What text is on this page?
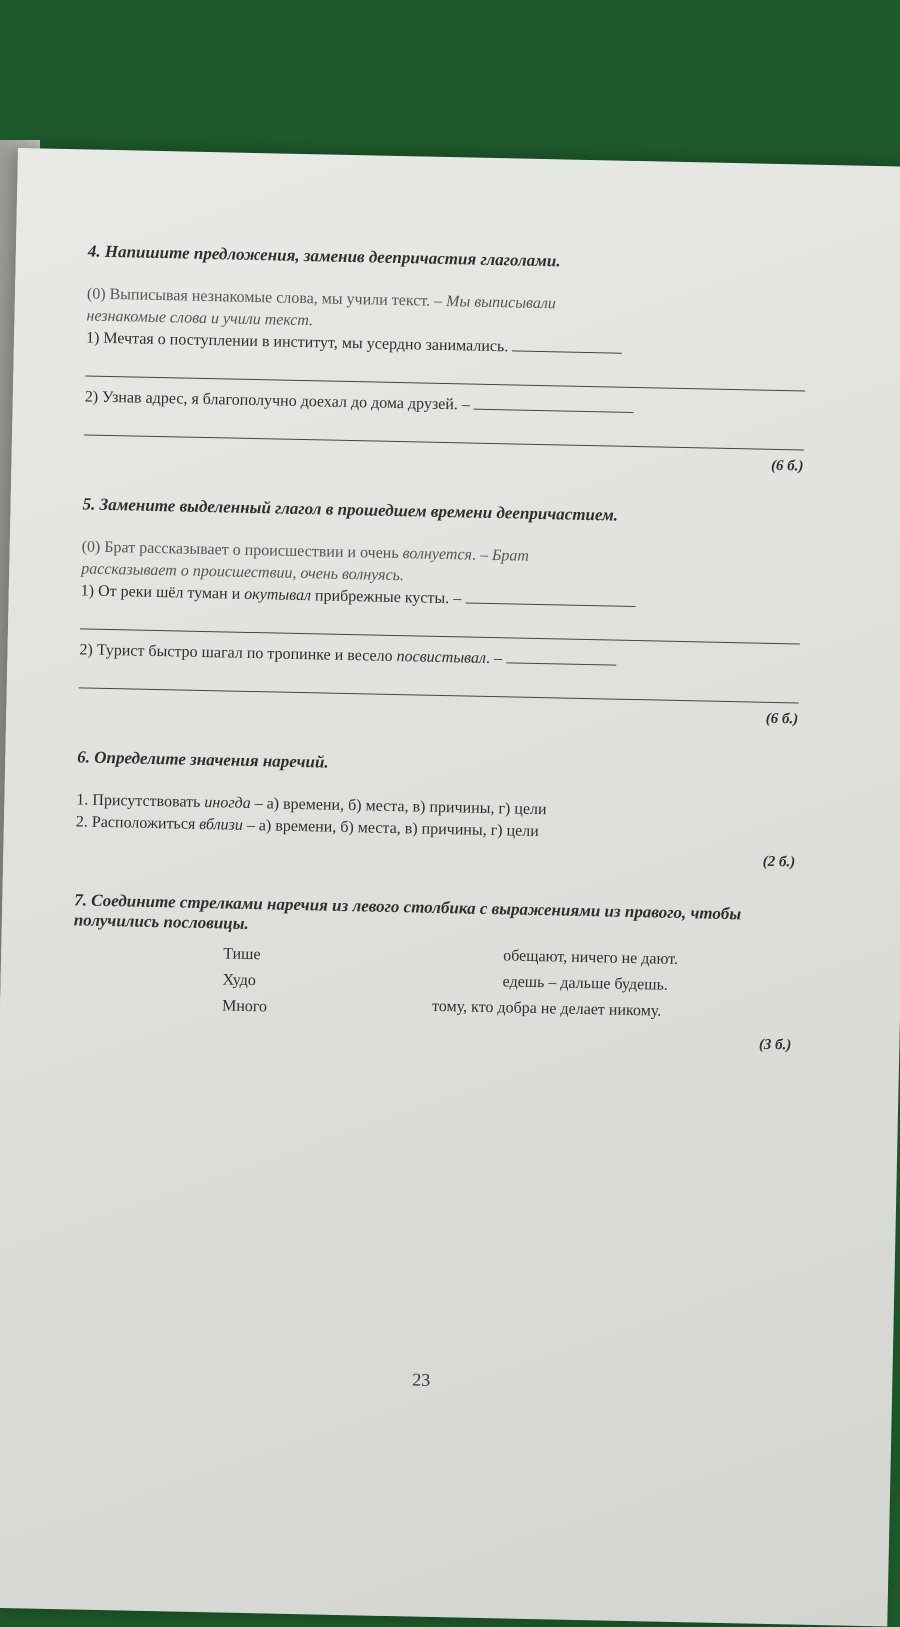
4. Напишите предложения, заменив деепричастия глаголами.

(0) Выписывая незнакомые слова, мы учили текст. – Мы выписывали

незнакомые слова и учили текст.

1) Мечтая о поступлении в институт, мы усердно занимались.

2) Узнав адрес, я благополучно доехал до дома друзей. –

(6 б.)

5. Замените выделенный глагол в прошедшем времени деепричастием.

(0) Брат рассказывает о происшествии и очень волнуется. – Брат

рассказывает о происшествии, очень волнуясь.

1) От реки шёл туман и окутывал прибрежные кусты. –

2) Турист быстро шагал по тропинке и весело посвистывал. –

(6 б.)

6. Определите значения наречий.

1. Присутствовать иногда – а) времени, б) места, в) причины, г) цели

2. Расположиться вблизи – а) времени, б) места, в) причины, г) цели

(2 б.)

7. Соедините стрелками наречия из левого столбика с выражениями из правого, чтобы получились пословицы.

Тише
Худо
Много
обещают, ничего не дают.
едешь – дальше будешь.
тому, кто добра не делает никому.
(3 б.)
23
